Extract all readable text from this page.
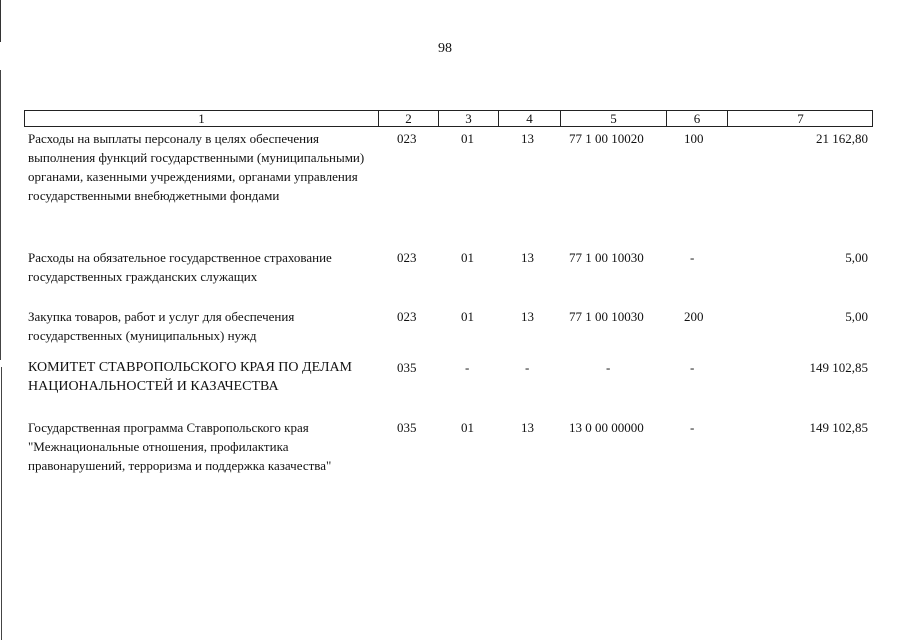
98
1	2	3	4	5	6	7
Расходы на выплаты персоналу в целях обеспечения выполнения функций государственными (муниципальными) органами, казенными учреждениями, органами управления государственными внебюджетными фондами
023	01	13	77 1 00 10020	100	21 162,80
Расходы на обязательное государственное страхование государственных гражданских служащих
023	01	13	77 1 00 10030	-	5,00
Закупка товаров, работ и услуг для обеспечения государственных (муниципальных) нужд
023	01	13	77 1 00 10030	200	5,00
КОМИТЕТ СТАВРОПОЛЬСКОГО КРАЯ ПО ДЕЛАМ НАЦИОНАЛЬНОСТЕЙ И КАЗАЧЕСТВА
035	-	-	-	-	149 102,85
Государственная программа Ставропольского края "Межнациональные отношения, профилактика правонарушений, терроризма и поддержка казачества"
035	01	13	13 0 00 00000	-	149 102,85
